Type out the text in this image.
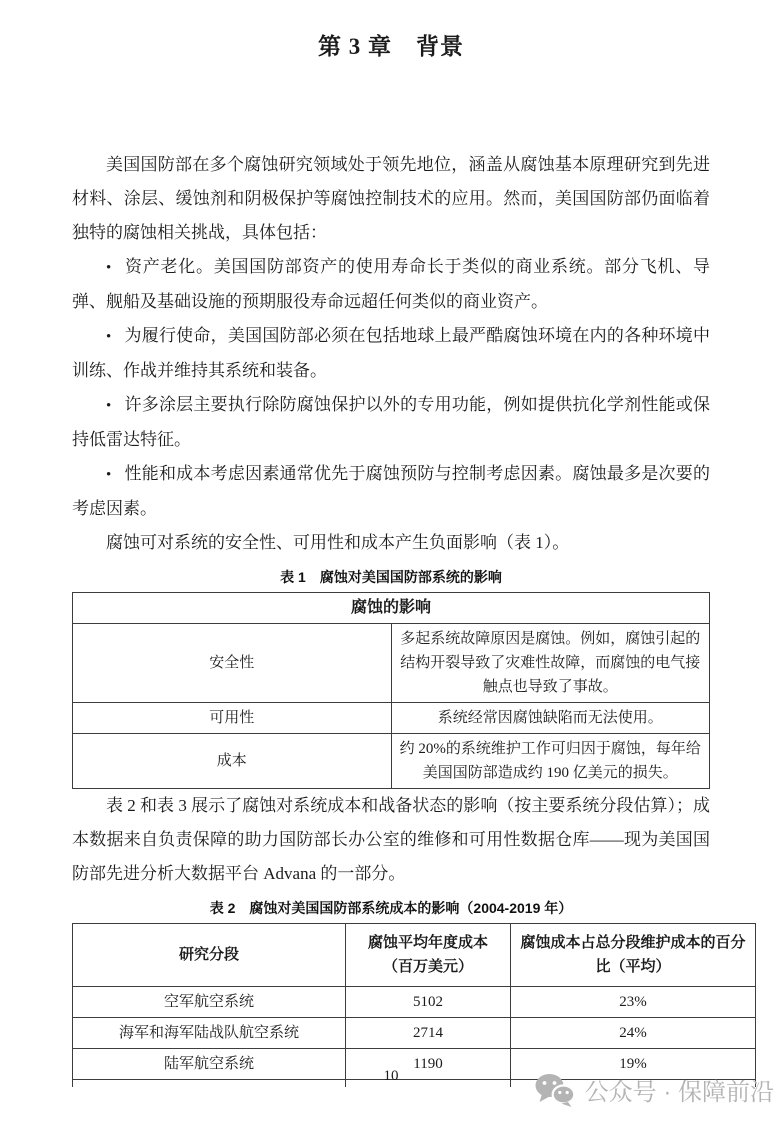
第 3 章　背景

美国国防部在多个腐蚀研究领域处于领先地位，涵盖从腐蚀基本原理研究到先进材料、涂层、缓蚀剂和阴极保护等腐蚀控制技术的应用。然而，美国国防部仍面临着独特的腐蚀相关挑战，具体包括：

• 资产老化。美国国防部资产的使用寿命长于类似的商业系统。部分飞机、导弹、舰船及基础设施的预期服役寿命远超任何类似的商业资产。

• 为履行使命，美国国防部必须在包括地球上最严酷腐蚀环境在内的各种环境中训练、作战并维持其系统和装备。

• 许多涂层主要执行除防腐蚀保护以外的专用功能，例如提供抗化学剂性能或保持低雷达特征。

• 性能和成本考虑因素通常优先于腐蚀预防与控制考虑因素。腐蚀最多是次要的考虑因素。

腐蚀可对系统的安全性、可用性和成本产生负面影响（表 1）。

表 1　腐蚀对美国国防部系统的影响
腐蚀的影响	
安全性	多起系统故障原因是腐蚀。例如，腐蚀引起的结构开裂导致了灾难性故障，而腐蚀的电气接触点也导致了事故。
可用性	系统经常因腐蚀缺陷而无法使用。
成本	约 20%的系统维护工作可归因于腐蚀，每年给美国国防部造成约 190 亿美元的损失。

表 2 和表 3 展示了腐蚀对系统成本和战备状态的影响（按主要系统分段估算）；成本数据来自负责保障的助力国防部长办公室的维修和可用性数据仓库——现为美国国防部先进分析大数据平台 Advana 的一部分。

表 2　腐蚀对美国国防部系统成本的影响（2004-2019 年）
研究分段	腐蚀平均年度成本（百万美元）	腐蚀成本占总分段维护成本的百分比（平均）
空军航空系统	5102	23%
海军和海军陆战队航空系统	2714	24%
陆军航空系统	1190	19%

10
公众号 · 保障前沿
